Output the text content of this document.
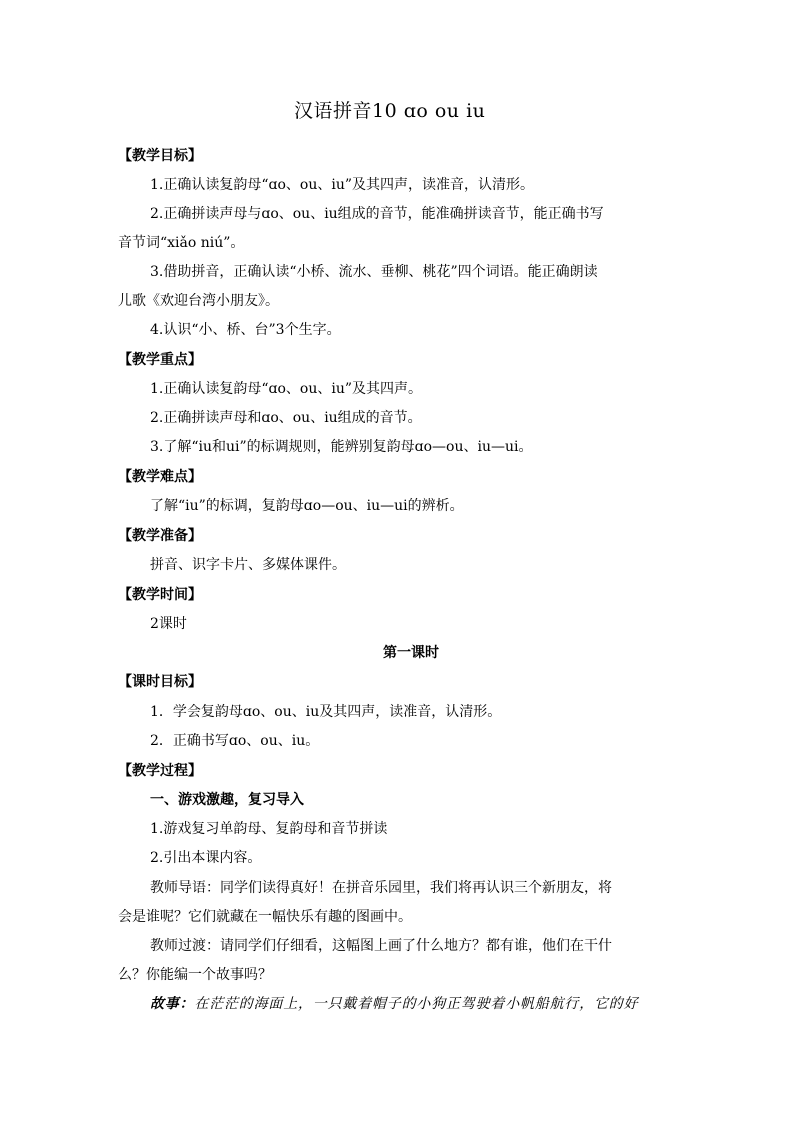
汉语拼音10 ɑo ou iu
【教学目标】
1.正确认读复韵母“ɑo、ou、iu”及其四声，读准音，认清形。
2.正确拼读声母与ɑo、ou、iu组成的音节，能准确拼读音节，能正确书写
音节词“xiǎo niú”。
3.借助拼音，正确认读“小桥、流水、垂柳、桃花”四个词语。能正确朗读
儿歌《欢迎台湾小朋友》。
4.认识“小、桥、台”3个生字。
【教学重点】
1.正确认读复韵母“ɑo、ou、iu”及其四声。
2.正确拼读声母和ɑo、ou、iu组成的音节。
3.了解“iu和ui”的标调规则，能辨别复韵母ɑo—ou、iu—ui。
【教学难点】
了解“iu”的标调，复韵母ɑo—ou、iu—ui的辨析。
【教学准备】
拼音、识字卡片、多媒体课件。
【教学时间】
2课时
第一课时
【课时目标】
1．学会复韵母ɑo、ou、iu及其四声，读准音，认清形。
2．正确书写ɑo、ou、iu。
【教学过程】
一、游戏激趣，复习导入
1.游戏复习单韵母、复韵母和音节拼读
2.引出本课内容。
教师导语：同学们读得真好！在拼音乐园里，我们将再认识三个新朋友，将
会是谁呢？它们就藏在一幅快乐有趣的图画中。
教师过渡：请同学们仔细看，这幅图上画了什么地方？都有谁，他们在干什
么？你能编一个故事吗？
故事：在茫茫的海面上，一只戴着帽子的小狗正驾驶着小帆船航行，它的好
